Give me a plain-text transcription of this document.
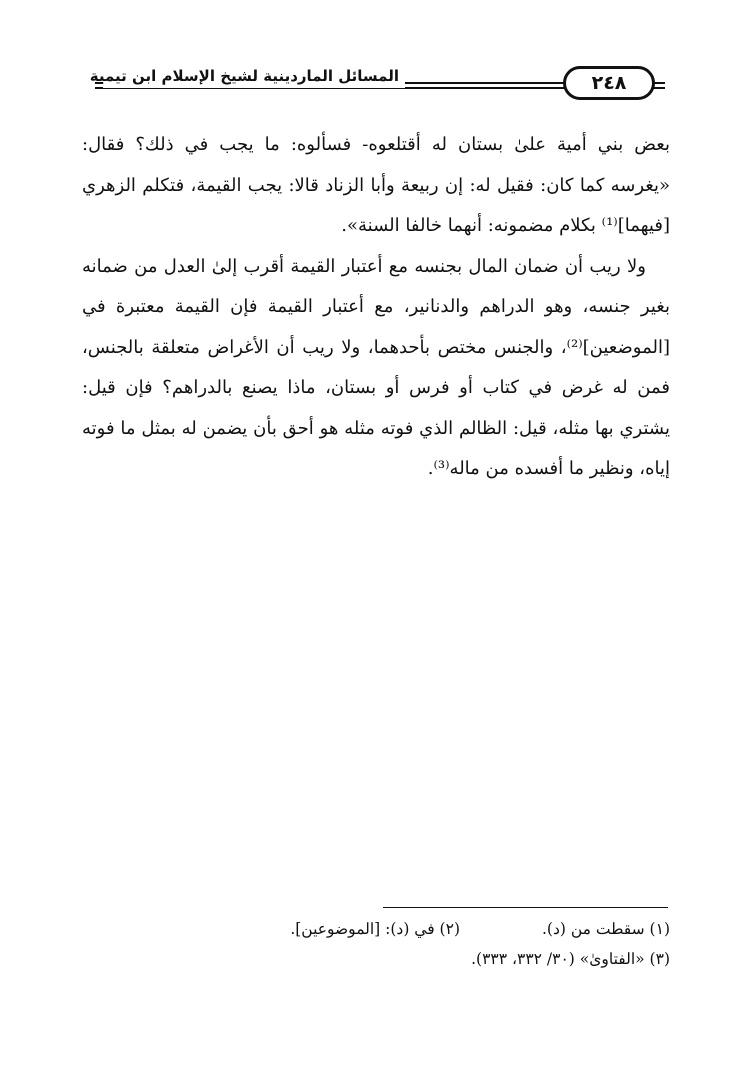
المسائل الماردينية لشيخ الإسلام ابن تيمية	٢٤٨

بعض بني أمية علىٰ بستان له أقتلعوه- فسألوه: ما يجب في ذلك؟ فقال: «يغرسه كما كان: فقيل له: إن ربيعة وأبا الزناد قالا: يجب القيمة، فتكلم الزهري [فيهما]⁽¹⁾ بكلام مضمونه: أنهما خالفا السنة».

ولا ريب أن ضمان المال بجنسه مع أعتبار القيمة أقرب إلىٰ العدل من ضمانه بغير جنسه، وهو الدراهم والدنانير، مع أعتبار القيمة فإن القيمة معتبرة في [الموضعين]⁽²⁾، والجنس مختص بأحدهما، ولا ريب أن الأغراض متعلقة بالجنس، فمن له غرض في كتاب أو فرس أو بستان، ماذا يصنع بالدراهم؟ فإن قيل: يشتري بها مثله، قيل: الظالم الذي فوته مثله هو أحق بأن يضمن له بمثل ما فوته إياه، ونظير ما أفسده من ماله⁽³⁾.

(١) سقطت من (د).
(٢) في (د): [الموضوعين].
(٣) «الفتاوىٰ» (٣٠/ ٣٣٢، ٣٣٣).
